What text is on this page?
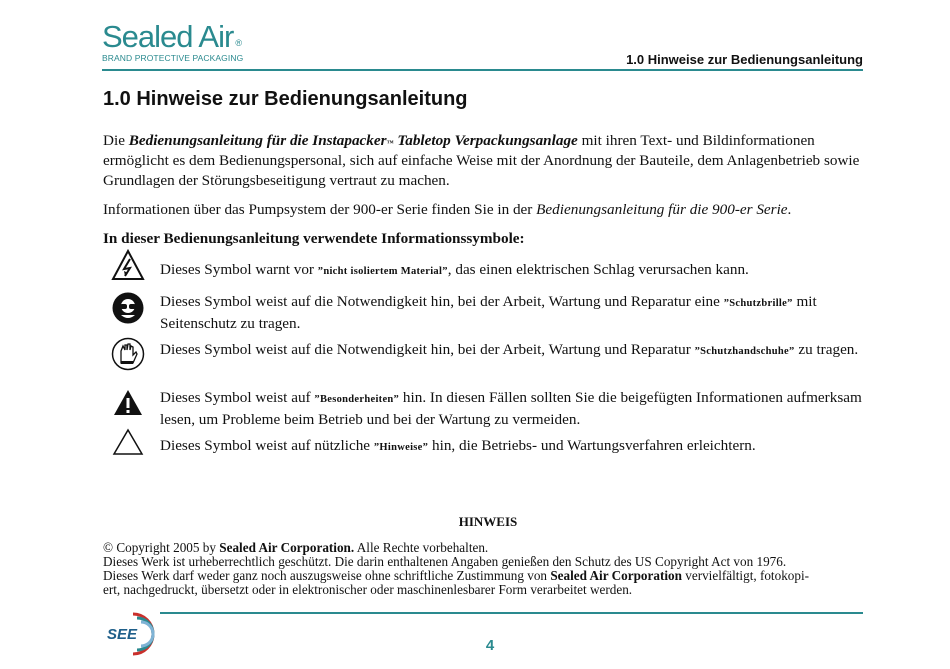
Sealed Air ®
BRAND PROTECTIVE PACKAGING	1.0 Hinweise zur Bedienungsanleitung
1.0 Hinweise zur Bedienungsanleitung
Die Bedienungsanleitung für die Instapacker™ Tabletop Verpackungsanlage mit ihren Text- und Bildinformationen ermöglicht es dem Bedienungspersonal, sich auf einfache Weise mit der Anordnung der Bauteile, dem Anlagenbetrieb sowie Grundlagen der Störungsbeseitigung vertraut zu machen.
Informationen über das Pumpsystem der 900-er Serie finden Sie in der Bedienungsanleitung für die 900-er Serie.
In dieser Bedienungsanleitung verwendete Informationssymbole:
Dieses Symbol warnt vor ”nicht isoliertem Material”, das einen elektrischen Schlag verursachen kann.
Dieses Symbol weist auf die Notwendigkeit hin, bei der Arbeit, Wartung und Reparatur eine ”Schutzbrille” mit Seitenschutz zu tragen.
Dieses Symbol weist auf die Notwendigkeit hin, bei der Arbeit, Wartung und Reparatur ”Schutzhandschuhe” zu tragen.
Dieses Symbol weist auf ”Besonderheiten” hin. In diesen Fällen sollten Sie die beigefügten Informationen aufmerksam lesen, um Probleme beim Betrieb und bei der Wartung zu vermeiden.
Dieses Symbol weist auf nützliche ”Hinweise” hin, die Betriebs- und Wartungsverfahren erleichtern.
HINWEIS
© Copyright 2005 by Sealed Air Corporation. Alle Rechte vorbehalten.
Dieses Werk ist urheberrechtlich geschützt. Die darin enthaltenen Angaben genießen den Schutz des US Copyright Act von 1976.
Dieses Werk darf weder ganz noch auszugsweise ohne schriftliche Zustimmung von Sealed Air Corporation vervielfältigt, fotokopi-
ert, nachgedruckt, übersetzt oder in elektronischer oder maschinenlesbarer Form verarbeitet werden.
SEE
4
